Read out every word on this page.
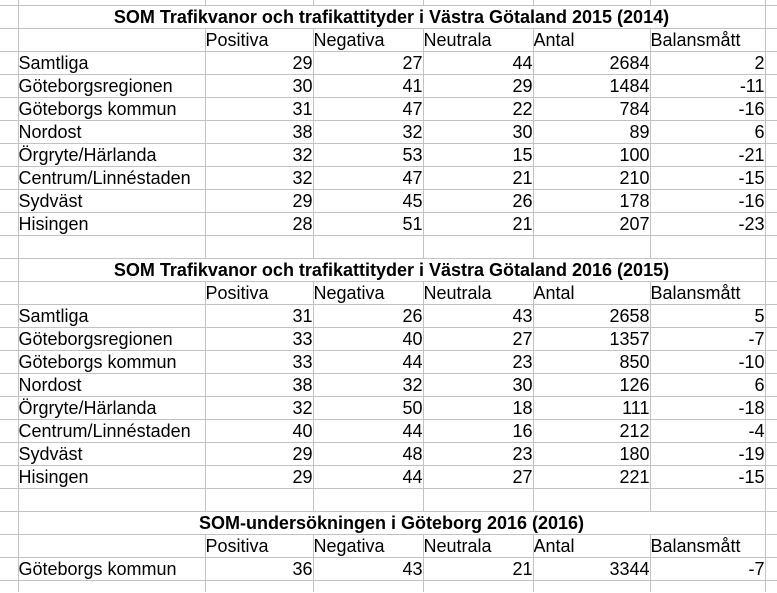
	SOM Trafikvanor och trafikattityder i Västra Götaland 2015 (2014)						
		Positiva	Negativa	Neutrala	Antal	Balansmått	
	Samtliga	29	27	44	2684	2	
	Göteborgsregionen	30	41	29	1484	-11	
	Göteborgs kommun	31	47	22	784	-16	
	Nordost	38	32	30	89	6	
	Örgryte/Härlanda	32	53	15	100	-21	
	Centrum/Linnéstaden	32	47	21	210	-15	
	Sydväst	29	45	26	178	-16	
	Hisingen	28	51	21	207	-23	

	SOM Trafikvanor och trafikattityder i Västra Götaland 2016 (2015)						
		Positiva	Negativa	Neutrala	Antal	Balansmått	
	Samtliga	31	26	43	2658	5	
	Göteborgsregionen	33	40	27	1357	-7	
	Göteborgs kommun	33	44	23	850	-10	
	Nordost	38	32	30	126	6	
	Örgryte/Härlanda	32	50	18	111	-18	
	Centrum/Linnéstaden	40	44	16	212	-4	
	Sydväst	29	48	23	180	-19	
	Hisingen	29	44	27	221	-15	

	SOM-undersökningen i Göteborg 2016 (2016)						
		Positiva	Negativa	Neutrala	Antal	Balansmått	
	Göteborgs kommun	36	43	21	3344	-7	
